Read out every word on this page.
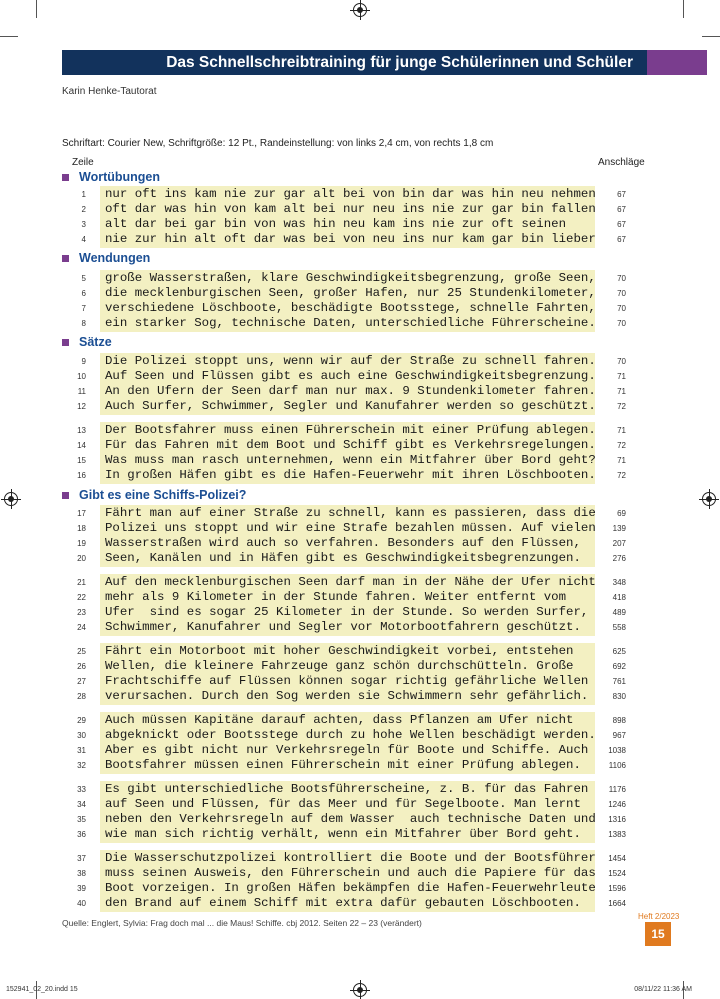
Das Schnellschreibtraining für junge Schülerinnen und Schüler
Karin Henke-Tautorat
Schriftart: Courier New, Schriftgröße: 12 Pt., Randeinstellung: von links 2,4 cm, von rechts 1,8 cm
Zeile	Anschläge
Wortübungen
Wendungen
Sätze
Gibt es eine Schiffs-Polizei?
1 nur oft ins kam nie zur gar alt bei von bin dar was hin neu nehmen	67
2 oft dar was hin von kam alt bei nur neu ins nie zur gar bin fallen	67
3 alt dar bei gar bin von was hin neu kam ins nie zur oft seinen	67
4 nie zur hin alt oft dar was bei von neu ins nur kam gar bin lieber	67
5 große Wasserstraßen, klare Geschwindigkeitsbegrenzung, große Seen,	70
6 die mecklenburgischen Seen, großer Hafen, nur 25 Stundenkilometer,	70
7 verschiedene Löschboote, beschädigte Bootsstege, schnelle Fahrten,	70
8 ein starker Sog, technische Daten, unterschiedliche Führerscheine.	70
9 Die Polizei stoppt uns, wenn wir auf der Straße zu schnell fahren.	70
10 Auf Seen und Flüssen gibt es auch eine Geschwindigkeitsbegrenzung.	71
11 An den Ufern der Seen darf man nur max. 9 Stundenkilometer fahren.	71
12 Auch Surfer, Schwimmer, Segler und Kanufahrer werden so geschützt.	72
13 Der Bootsfahrer muss einen Führerschein mit einer Prüfung ablegen.	71
14 Für das Fahren mit dem Boot und Schiff gibt es Verkehrsregelungen.	72
15 Was muss man rasch unternehmen, wenn ein Mitfahrer über Bord geht?	71
16 In großen Häfen gibt es die Hafen-Feuerwehr mit ihren Löschbooten.	72
17 Fährt man auf einer Straße zu schnell, kann es passieren, dass die	69
18 Polizei uns stoppt und wir eine Strafe bezahlen müssen. Auf vielen	139
19 Wasserstraßen wird auch so verfahren. Besonders auf den Flüssen,	207
20 Seen, Kanälen und in Häfen gibt es Geschwindigkeitsbegrenzungen.	276
21 Auf den mecklenburgischen Seen darf man in der Nähe der Ufer nicht	348
22 mehr als 9 Kilometer in der Stunde fahren. Weiter entfernt vom	418
23 Ufer  sind es sogar 25 Kilometer in der Stunde. So werden Surfer,	489
24 Schwimmer, Kanufahrer und Segler vor Motorbootfahrern geschützt.	558
25 Fährt ein Motorboot mit hoher Geschwindigkeit vorbei, entstehen	625
26 Wellen, die kleinere Fahrzeuge ganz schön durchschütteln. Große	692
27 Frachtschiffe auf Flüssen können sogar richtig gefährliche Wellen	761
28 verursachen. Durch den Sog werden sie Schwimmern sehr gefährlich.	830
29 Auch müssen Kapitäne darauf achten, dass Pflanzen am Ufer nicht	898
30 abgeknickt oder Bootsstege durch zu hohe Wellen beschädigt werden.	967
31 Aber es gibt nicht nur Verkehrsregeln für Boote und Schiffe. Auch	1038
32 Bootsfahrer müssen einen Führerschein mit einer Prüfung ablegen.	1106
33 Es gibt unterschiedliche Bootsführerscheine, z. B. für das Fahren	1176
34 auf Seen und Flüssen, für das Meer und für Segelboote. Man lernt	1246
35 neben den Verkehrsregeln auf dem Wasser  auch technische Daten und	1316
36 wie man sich richtig verhält, wenn ein Mitfahrer über Bord geht.	1383
37 Die Wasserschutzpolizei kontrolliert die Boote und der Bootsführer	1454
38 muss seinen Ausweis, den Führerschein und auch die Papiere für das	1524
39 Boot vorzeigen. In großen Häfen bekämpfen die Hafen-Feuerwehrleute	1596
40 den Brand auf einem Schiff mit extra dafür gebauten Löschbooten.	1664
Quelle: Englert, Sylvia: Frag doch mal ... die Maus! Schiffe. cbj 2012. Seiten 22 – 23 (verändert)
Heft 2/2023
15
152941_02_20.indd 15	08/11/22 11:36 AM
